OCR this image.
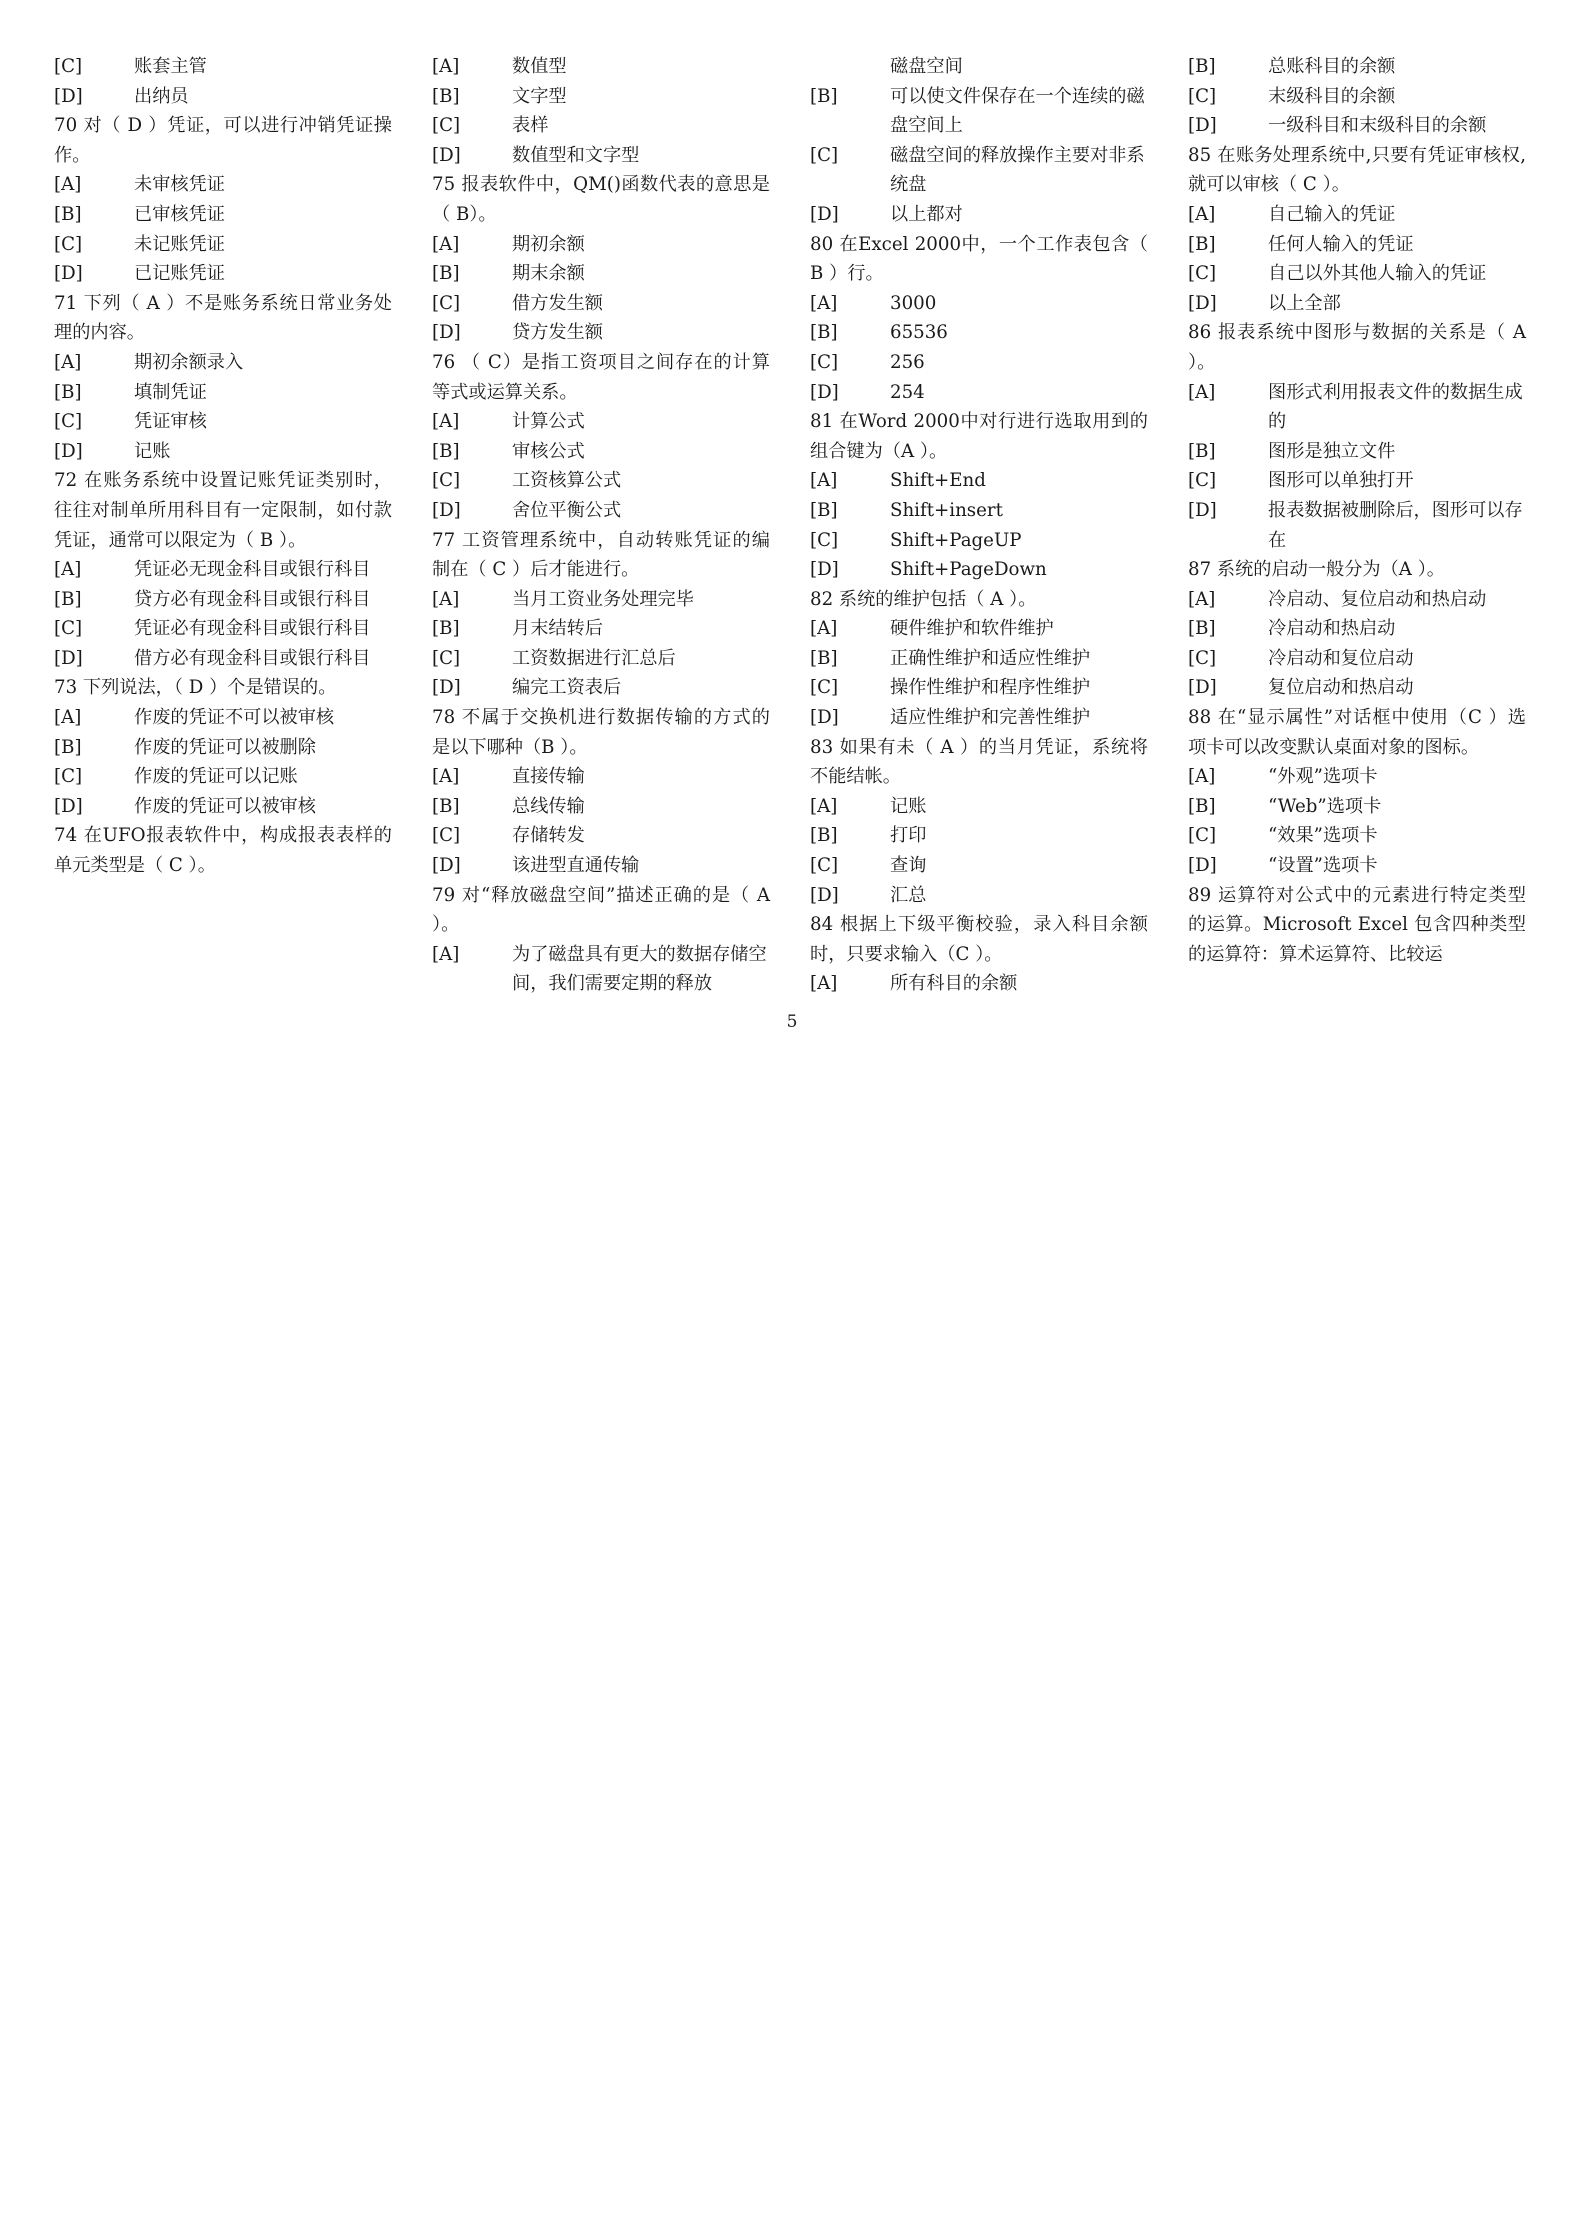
[C]	账套主管
[D]	出纳员
70 对（ D ）凭证，可以进行冲销凭证操作。
[A]	未审核凭证
[B]	已审核凭证
[C]	未记账凭证
[D]	已记账凭证
71 下列（ A ）不是账务系统日常业务处理的内容。
[A]	期初余额录入
[B]	填制凭证
[C]	凭证审核
[D]	记账
72 在账务系统中设置记账凭证类别时，往往对制单所用科目有一定限制，如付款凭证，通常可以限定为（ B ）。
[A]	凭证必无现金科目或银行科目
[B]	贷方必有现金科目或银行科目
[C]	凭证必有现金科目或银行科目
[D]	借方必有现金科目或银行科目
73 下列说法，（ D ）个是错误的。
[A]	作废的凭证不可以被审核
[B]	作废的凭证可以被删除
[C]	作废的凭证可以记账
[D]	作废的凭证可以被审核
74 在UFO报表软件中，构成报表表样的单元类型是（ C ）。
[A]	数值型
[B]	文字型
[C]	表样
[D]	数值型和文字型
75 报表软件中，QM()函数代表的意思是（ B）。
[A]	期初余额
[B]	期末余额
[C]	借方发生额
[D]	贷方发生额
76 （ C）是指工资项目之间存在的计算等式或运算关系。
[A]	计算公式
[B]	审核公式
[C]	工资核算公式
[D]	舍位平衡公式
77 工资管理系统中，自动转账凭证的编制在（ C ）后才能进行。
[A]	当月工资业务处理完毕
[B]	月末结转后
[C]	工资数据进行汇总后
[D]	编完工资表后
78 不属于交换机进行数据传输的方式的是以下哪种（B ）。
[A]	直接传输
[B]	总线传输
[C]	存储转发
[D]	该进型直通传输
79 对“释放磁盘空间”描述正确的是（ A ）。
[A]	为了磁盘具有更大的数据存储空间，我们需要定期的释放
磁盘空间
[B]	可以使文件保存在一个连续的磁盘空间上
[C]	磁盘空间的释放操作主要对非系统盘
[D]	以上都对
80 在Excel 2000中，一个工作表包含（ B ）行。
[A]	3000
[B]	65536
[C]	256
[D]	254
81 在Word 2000中对行进行选取用到的组合键为（A ）。
[A]	Shift+End
[B]	Shift+insert
[C]	Shift+PageUP
[D]	Shift+PageDown
82 系统的维护包括（ A ）。
[A]	硬件维护和软件维护
[B]	正确性维护和适应性维护
[C]	操作性维护和程序性维护
[D]	适应性维护和完善性维护
83 如果有未（ A ）的当月凭证，系统将不能结帐。
[A]	记账
[B]	打印
[C]	查询
[D]	汇总
84 根据上下级平衡校验，录入科目余额时，只要求输入（C ）。
[A]	所有科目的余额
[B]	总账科目的余额
[C]	末级科目的余额
[D]	一级科目和末级科目的余额
85 在账务处理系统中,只要有凭证审核权,就可以审核（ C ）。
[A]	自己输入的凭证
[B]	任何人输入的凭证
[C]	自己以外其他人输入的凭证
[D]	以上全部
86 报表系统中图形与数据的关系是（ A ）。
[A]	图形式利用报表文件的数据生成的
[B]	图形是独立文件
[C]	图形可以单独打开
[D]	报表数据被删除后，图形可以存在
87 系统的启动一般分为（A ）。
[A]	冷启动、复位启动和热启动
[B]	冷启动和热启动
[C]	冷启动和复位启动
[D]	复位启动和热启动
88 在“显示属性”对话框中使用（C ）选项卡可以改变默认桌面对象的图标。
[A]	“外观”选项卡
[B]	“Web”选项卡
[C]	“效果”选项卡
[D]	“设置”选项卡
89 运算符对公式中的元素进行特定类型的运算。Microsoft Excel 包含四种类型的运算符：算术运算符、比较运
5
